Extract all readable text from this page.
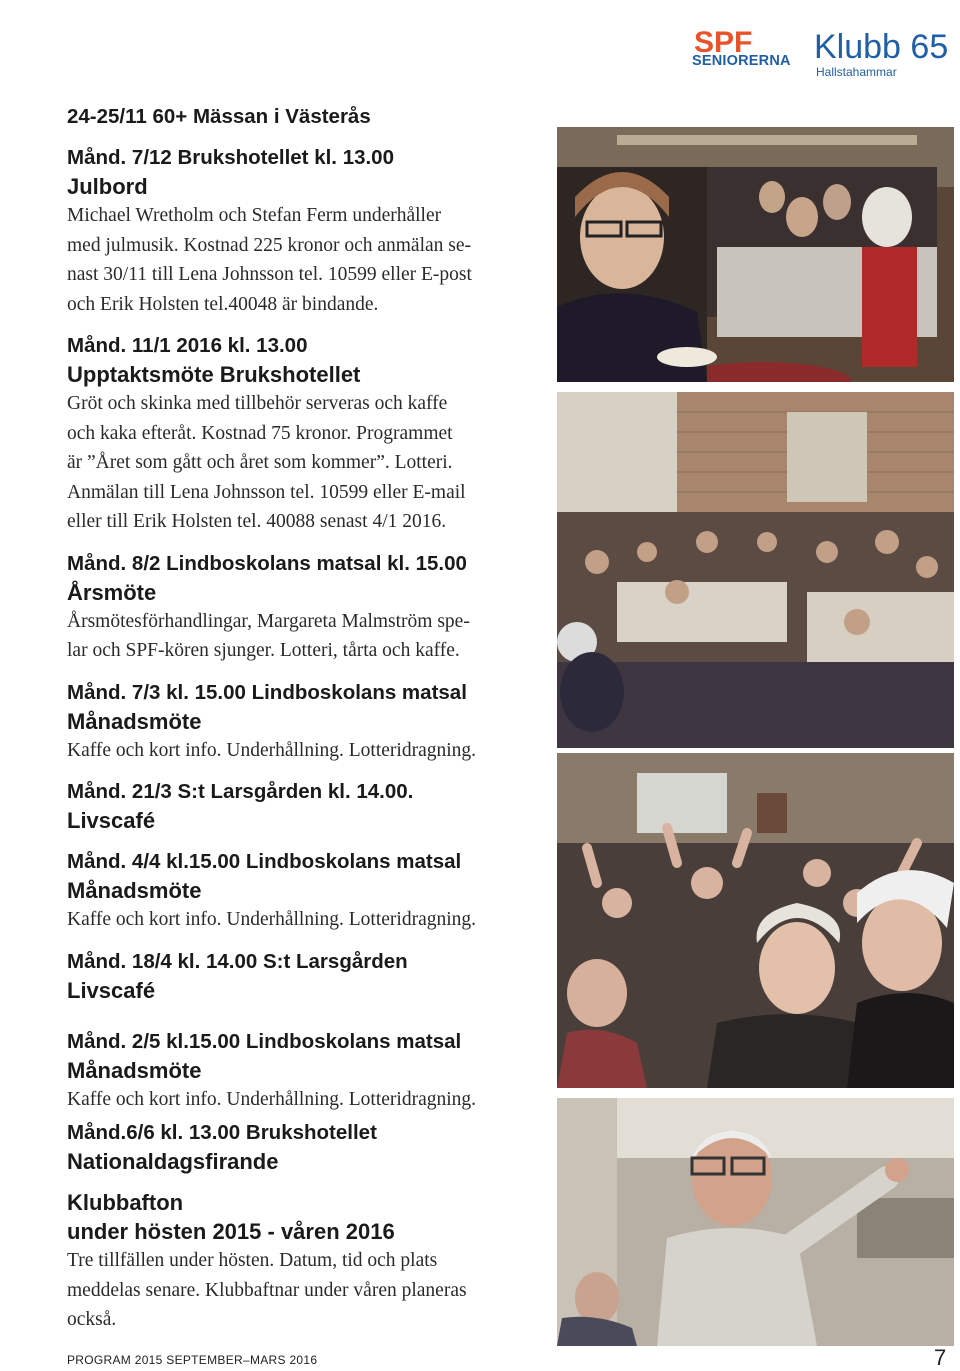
SPF
SENIORERNA Klubb 65
Hallstahammar

24-25/11 60+ Mässan i Västerås

Månd. 7/12 Brukshotellet kl. 13.00

Julbord

Michael Wretholm och Stefan Ferm underhåller

med julmusik. Kostnad 225 kronor och anmälan se-

nast 30/11 till Lena Johnsson tel. 10599 eller E-post

och Erik Holsten tel.40048 är bindande.

Månd. 11/1 2016 kl. 13.00

Upptaktsmöte Brukshotellet

Gröt och skinka med tillbehör serveras och kaffe

och kaka efteråt. Kostnad 75 kronor. Programmet

är ”Året som gått och året som kommer”. Lotteri.

Anmälan till Lena Johnsson tel. 10599 eller E-mail

eller till Erik Holsten tel. 40088 senast 4/1 2016.

Månd. 8/2 Lindboskolans matsal kl. 15.00

Årsmöte

Årsmötesförhandlingar, Margareta Malmström spe-

lar och SPF-kören sjunger. Lotteri, tårta och kaffe.

Månd. 7/3 kl. 15.00 Lindboskolans matsal

Månadsmöte

Kaffe och kort info. Underhållning. Lotteridragning.

Månd. 21/3 S:t Larsgården kl. 14.00.

Livscafé

Månd. 4/4 kl.15.00 Lindboskolans matsal

Månadsmöte

Kaffe och kort info. Underhållning. Lotteridragning.

Månd. 18/4 kl. 14.00 S:t Larsgården

Livscafé

Månd. 2/5 kl.15.00 Lindboskolans matsal

Månadsmöte

Kaffe och kort info. Underhållning. Lotteridragning.

Månd.6/6 kl. 13.00 Brukshotellet

Nationaldagsfirande

Klubbafton

under hösten 2015 - våren 2016

Tre tillfällen under hösten. Datum, tid och plats

meddelas senare. Klubbaftnar under våren planeras

också.

PROGRAM 2015 SEPTEMBER–MARS 2016	7
